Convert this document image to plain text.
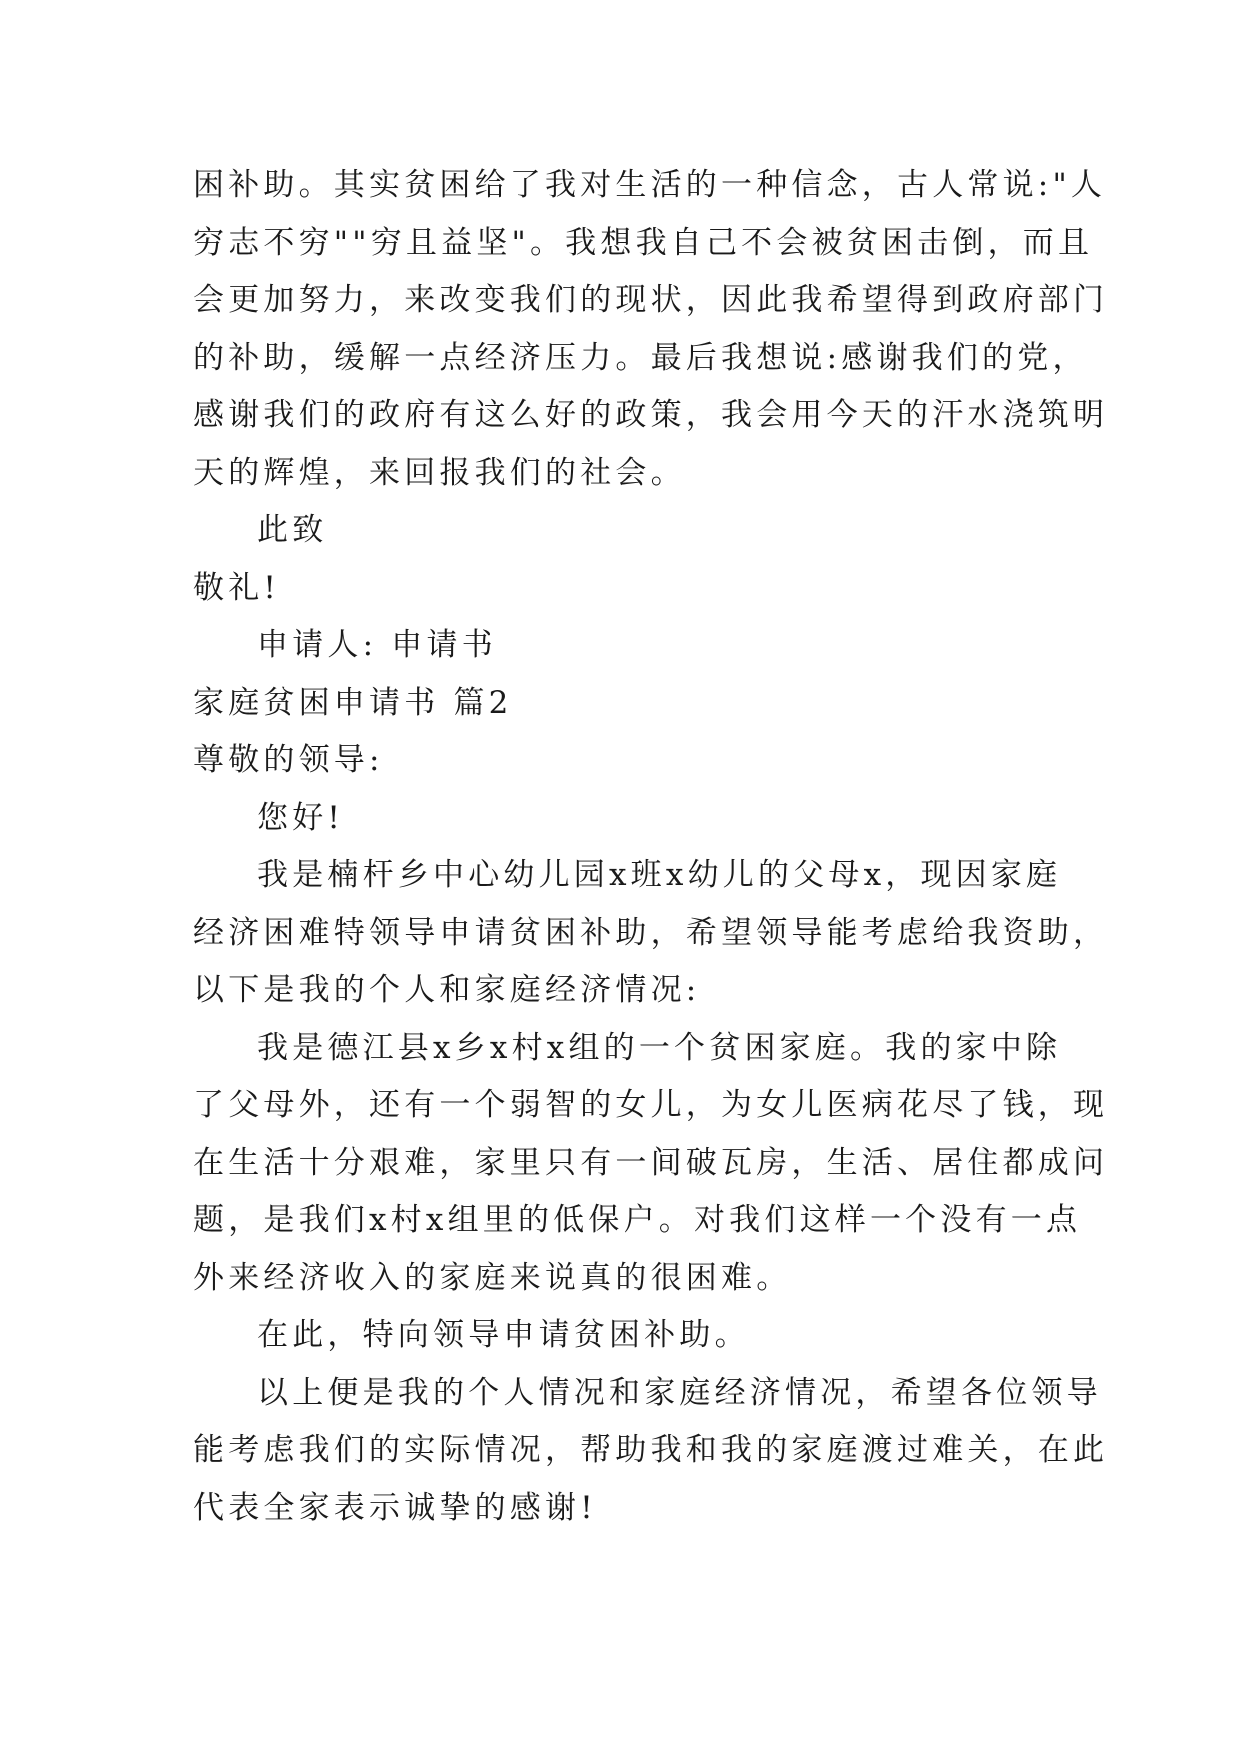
困补助。其实贫困给了我对生活的一种信念，古人常说:"人
穷志不穷""穷且益坚"。我想我自己不会被贫困击倒，而且
会更加努力，来改变我们的现状，因此我希望得到政府部门
的补助，缓解一点经济压力。最后我想说:感谢我们的党，
感谢我们的政府有这么好的政策，我会用今天的汗水浇筑明
天的辉煌，来回报我们的社会。
此致
敬礼!
申请人: 申请书
家庭贫困申请书 篇2
尊敬的领导:
您好!
我是楠杆乡中心幼儿园x班x幼儿的父母x，现因家庭
经济困难特领导申请贫困补助，希望领导能考虑给我资助，
以下是我的个人和家庭经济情况:
我是德江县x乡x村x组的一个贫困家庭。我的家中除
了父母外，还有一个弱智的女儿，为女儿医病花尽了钱，现
在生活十分艰难，家里只有一间破瓦房，生活、居住都成问
题，是我们x村x组里的低保户。对我们这样一个没有一点
外来经济收入的家庭来说真的很困难。
在此，特向领导申请贫困补助。
以上便是我的个人情况和家庭经济情况，希望各位领导
能考虑我们的实际情况，帮助我和我的家庭渡过难关，在此
代表全家表示诚挚的感谢!
